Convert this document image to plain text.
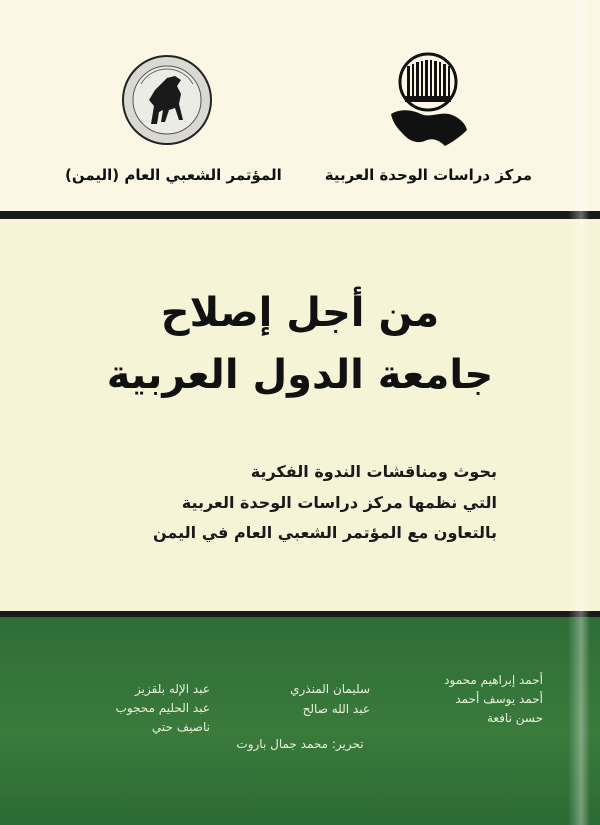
مركز دراسات الوحدة العربية
المؤتمر الشعبي العام (اليمن)
من أجل إصلاح
جامعة الدول العربية
بحوث ومناقشات الندوة الفكرية
التي نظمها مركز دراسات الوحدة العربية
بالتعاون مع المؤتمر الشعبي العام في اليمن
أحمد إبراهيم محمود
أحمد يوسف أحمد
حسن نافعة
سليمان المنذري
عبد الله صالح
عبد الإله بلقزيز
عبد الحليم محجوب
ناصيف حتي
تحرير: محمد جمال باروت
